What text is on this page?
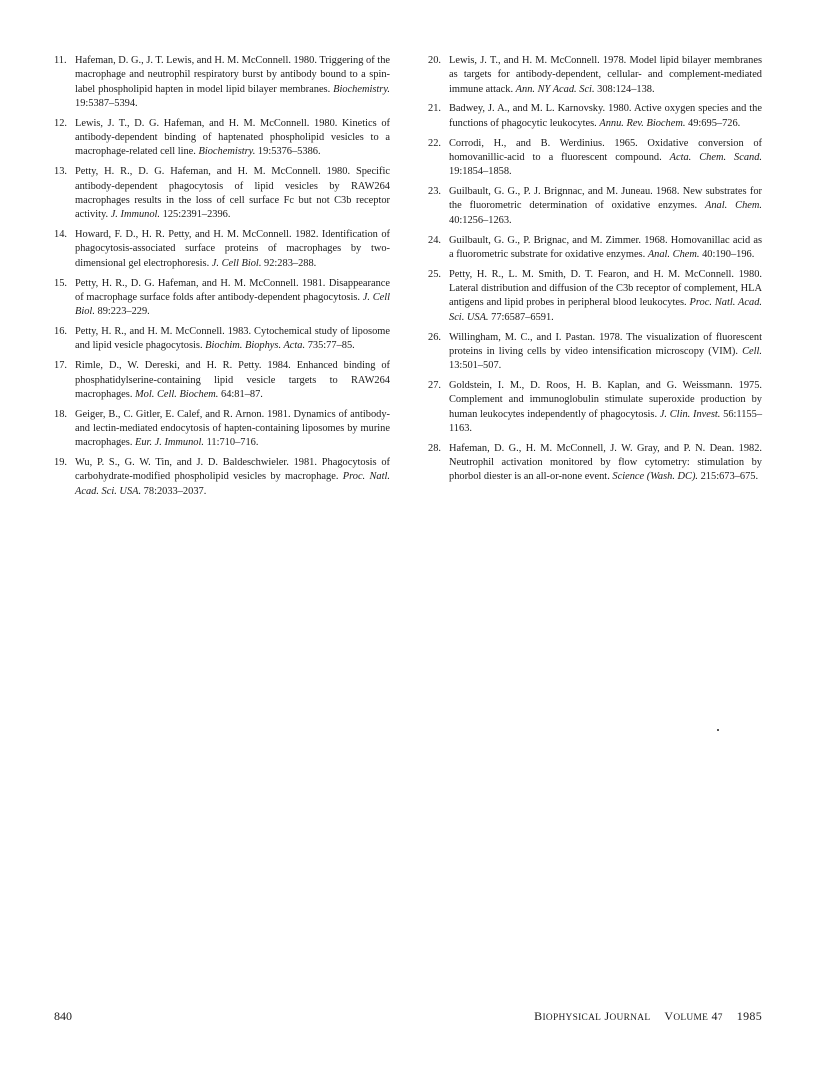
11. Hafeman, D. G., J. T. Lewis, and H. M. McConnell. 1980. Triggering of the macrophage and neutrophil respiratory burst by antibody bound to a spin-label phospholipid hapten in model lipid bilayer membranes. Biochemistry. 19:5387–5394.
12. Lewis, J. T., D. G. Hafeman, and H. M. McConnell. 1980. Kinetics of antibody-dependent binding of haptenated phospholipid vesicles to a macrophage-related cell line. Biochemistry. 19:5376–5386.
13. Petty, H. R., D. G. Hafeman, and H. M. McConnell. 1980. Specific antibody-dependent phagocytosis of lipid vesicles by RAW264 macrophages results in the loss of cell surface Fc but not C3b receptor activity. J. Immunol. 125:2391–2396.
14. Howard, F. D., H. R. Petty, and H. M. McConnell. 1982. Identification of phagocytosis-associated surface proteins of macrophages by two-dimensional gel electrophoresis. J. Cell Biol. 92:283–288.
15. Petty, H. R., D. G. Hafeman, and H. M. McConnell. 1981. Disappearance of macrophage surface folds after antibody-dependent phagocytosis. J. Cell Biol. 89:223–229.
16. Petty, H. R., and H. M. McConnell. 1983. Cytochemical study of liposome and lipid vesicle phagocytosis. Biochim. Biophys. Acta. 735:77–85.
17. Rimle, D., W. Dereski, and H. R. Petty. 1984. Enhanced binding of phosphatidylserine-containing lipid vesicle targets to RAW264 macrophages. Mol. Cell. Biochem. 64:81–87.
18. Geiger, B., C. Gitler, E. Calef, and R. Arnon. 1981. Dynamics of antibody- and lectin-mediated endocytosis of hapten-containing liposomes by murine macrophages. Eur. J. Immunol. 11:710–716.
19. Wu, P. S., G. W. Tin, and J. D. Baldeschwieler. 1981. Phagocytosis of carbohydrate-modified phospholipid vesicles by macrophage. Proc. Natl. Acad. Sci. USA. 78:2033–2037.
20. Lewis, J. T., and H. M. McConnell. 1978. Model lipid bilayer membranes as targets for antibody-dependent, cellular- and complement-mediated immune attack. Ann. NY Acad. Sci. 308:124–138.
21. Badwey, J. A., and M. L. Karnovsky. 1980. Active oxygen species and the functions of phagocytic leukocytes. Annu. Rev. Biochem. 49:695–726.
22. Corrodi, H., and B. Werdinius. 1965. Oxidative conversion of homovanillic-acid to a fluorescent compound. Acta. Chem. Scand. 19:1854–1858.
23. Guilbault, G. G., P. J. Brignnac, and M. Juneau. 1968. New substrates for the fluorometric determination of oxidative enzymes. Anal. Chem. 40:1256–1263.
24. Guilbault, G. G., P. Brignac, and M. Zimmer. 1968. Homovanillac acid as a fluorometric substrate for oxidative enzymes. Anal. Chem. 40:190–196.
25. Petty, H. R., L. M. Smith, D. T. Fearon, and H. M. McConnell. 1980. Lateral distribution and diffusion of the C3b receptor of complement, HLA antigens and lipid probes in peripheral blood leukocytes. Proc. Natl. Acad. Sci. USA. 77:6587–6591.
26. Willingham, M. C., and I. Pastan. 1978. The visualization of fluorescent proteins in living cells by video intensification microscopy (VIM). Cell. 13:501–507.
27. Goldstein, I. M., D. Roos, H. B. Kaplan, and G. Weissmann. 1975. Complement and immunoglobulin stimulate superoxide production by human leukocytes independently of phagocytosis. J. Clin. Invest. 56:1155–1163.
28. Hafeman, D. G., H. M. McConnell, J. W. Gray, and P. N. Dean. 1982. Neutrophil activation monitored by flow cytometry: stimulation by phorbol diester is an all-or-none event. Science (Wash. DC). 215:673–675.
840	BIOPHYSICAL JOURNAL VOLUME 47 1985
